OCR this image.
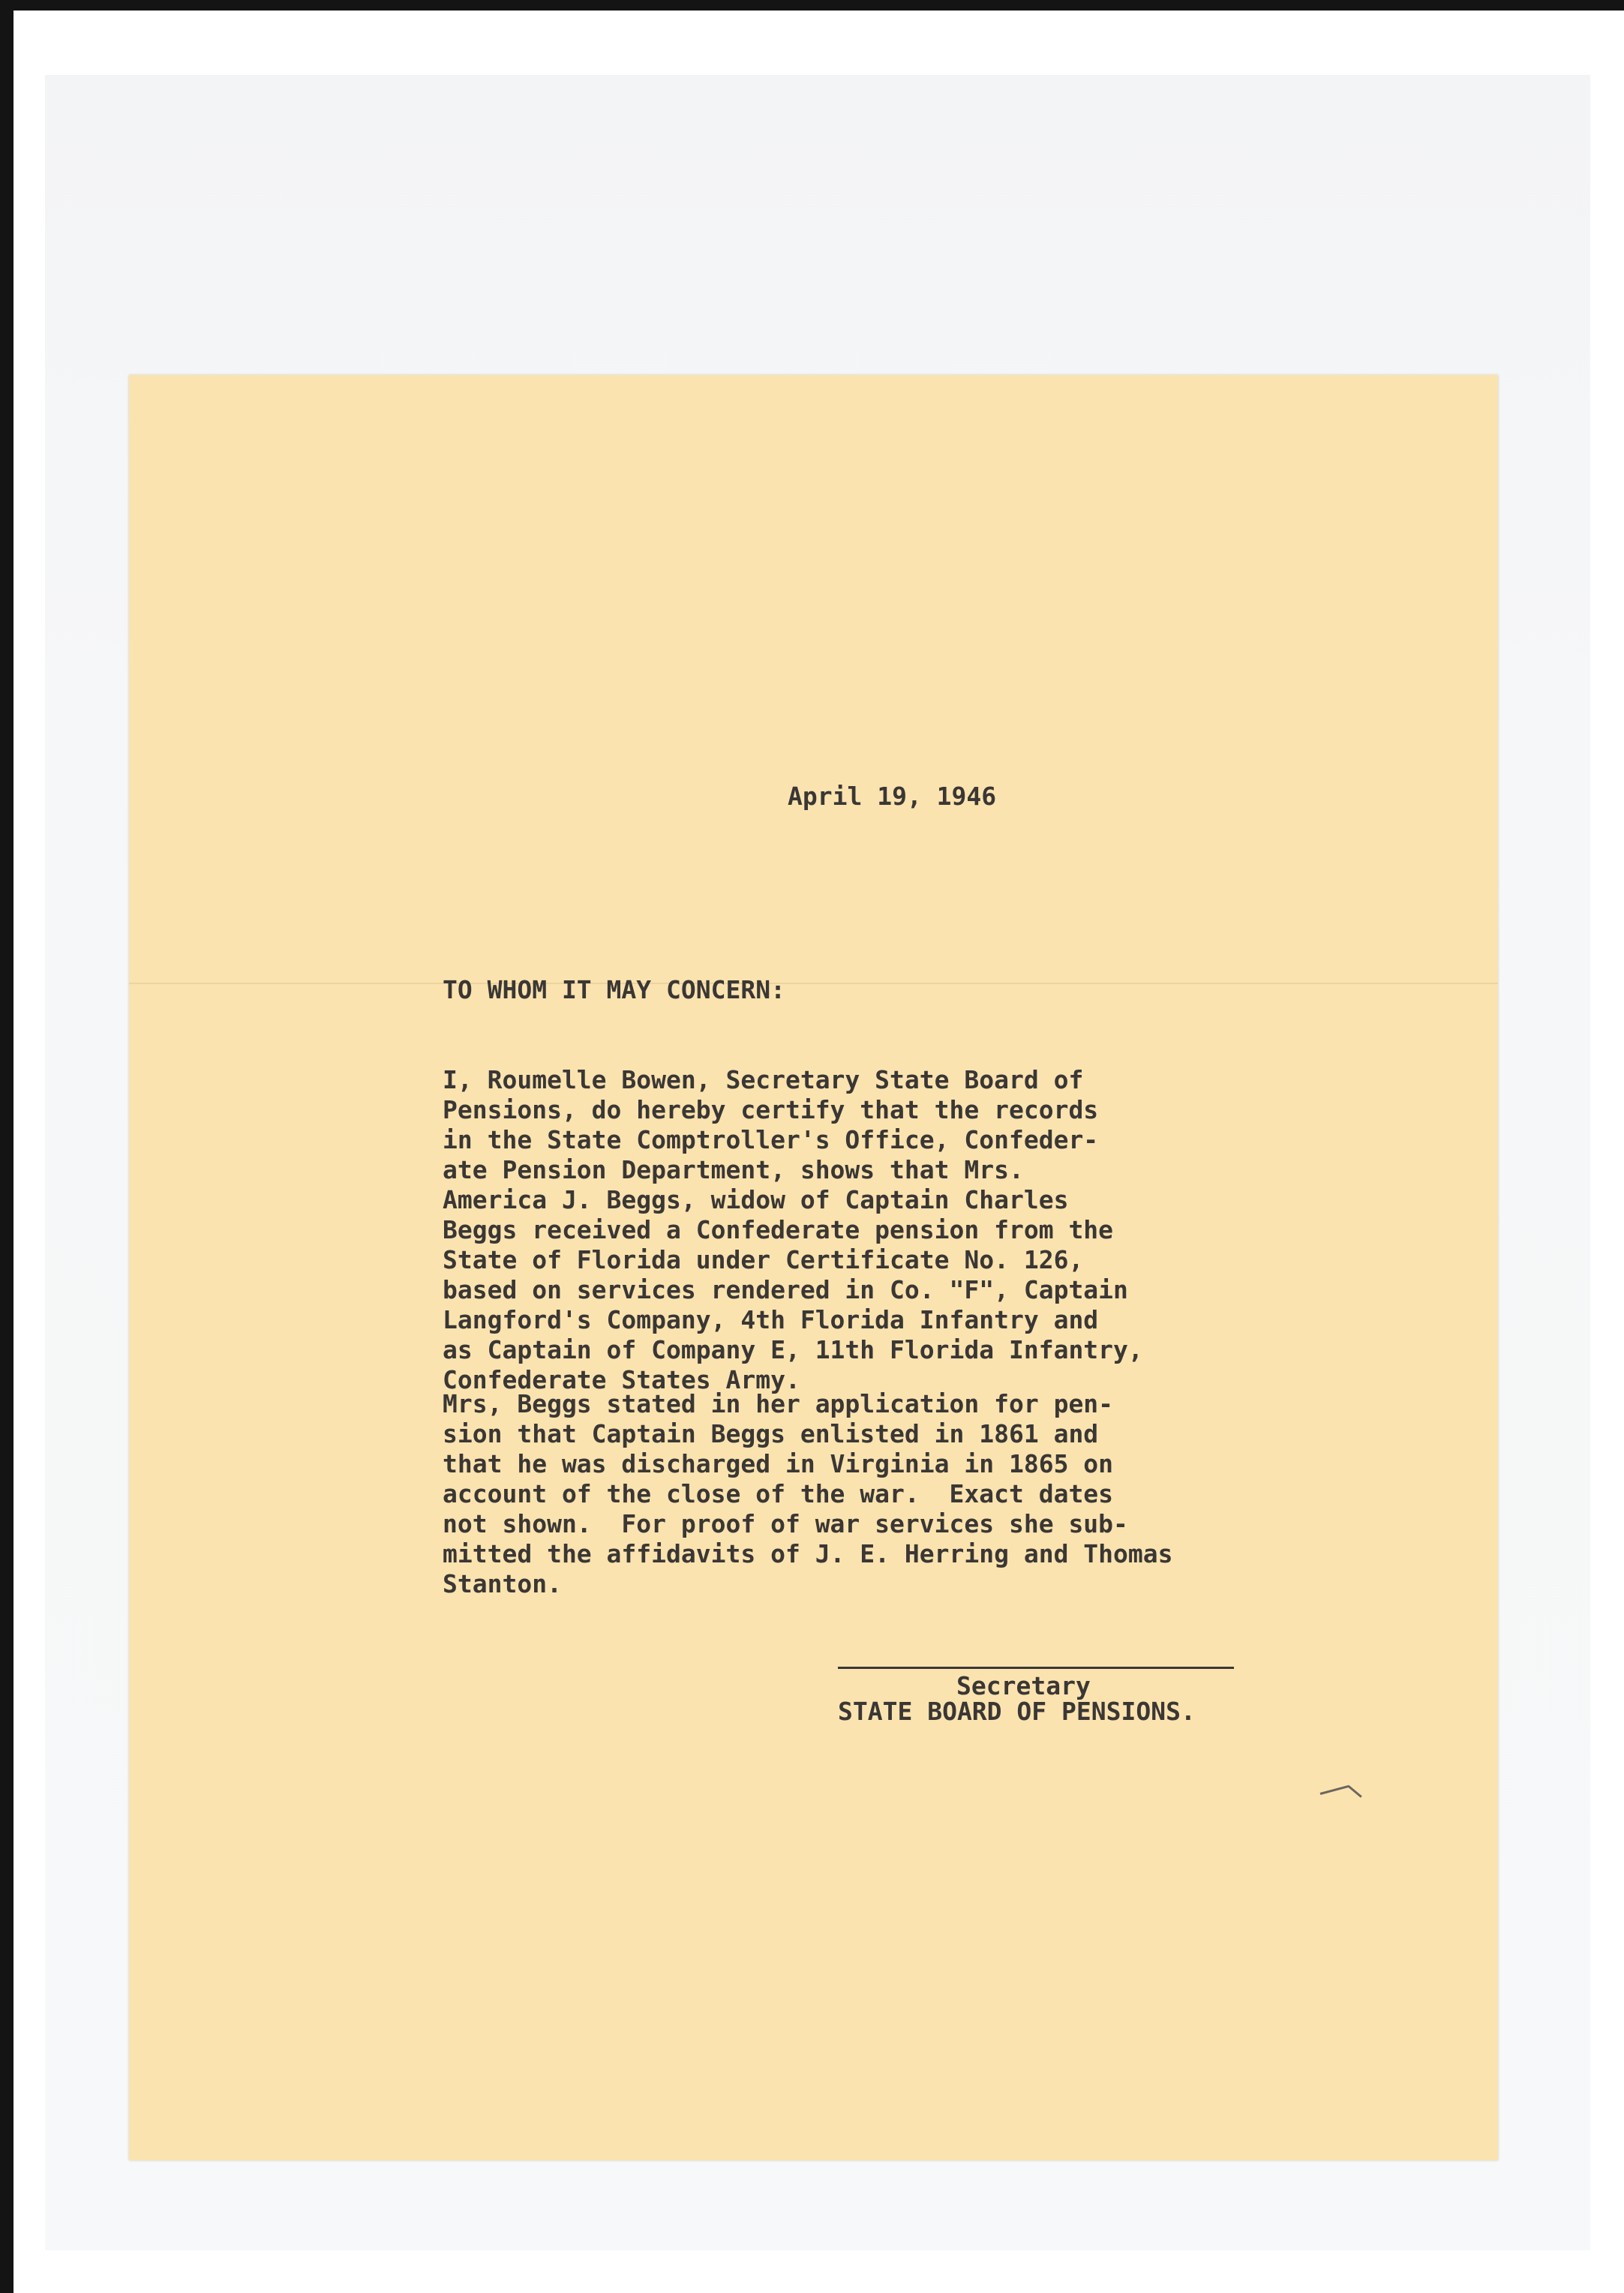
April 19, 1946

TO WHOM IT MAY CONCERN:

I, Roumelle Bowen, Secretary State Board of

Pensions, do hereby certify that the records

in the State Comptroller's Office, Confeder-

ate Pension Department, shows that Mrs.

America J. Beggs, widow of Captain Charles

Beggs received a Confederate pension from the

State of Florida under Certificate No. 126,

based on services rendered in Co. "F", Captain

Langford's Company, 4th Florida Infantry and

as Captain of Company E, 11th Florida Infantry,

Confederate States Army.

Mrs, Beggs stated in her application for pen-

sion that Captain Beggs enlisted in 1861 and

that he was discharged in Virginia in 1865 on

account of the close of the war.  Exact dates

not shown.  For proof of war services she sub-

mitted the affidavits of J. E. Herring and Thomas

Stanton.

Secretary

STATE BOARD OF PENSIONS.
